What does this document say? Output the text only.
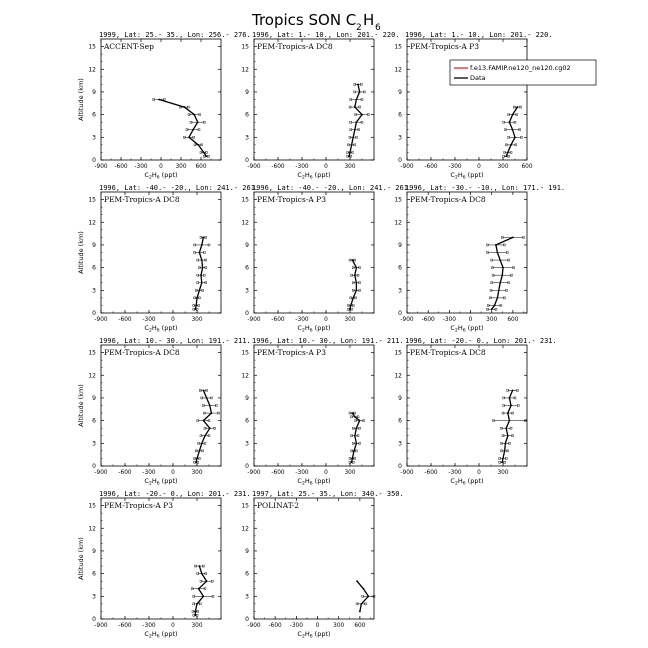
Tropics SON C 2 H 6
1999, Lat: 25.- 35., Lon: 256.- 276.
ACCENT-Sep
-900 -600 -300 0 300 600
0
3
6
9
12
15
$C_2H_6$ (ppt)
Altitude (km)
1996, Lat: 1.- 10., Lon: 201.- 220.
PEM-Tropics-A DC8
-900 -600 -300	0	300
0
3
6
9
12
15
$C_2H_6$ (ppt)
1996, Lat: 1.- 10., Lon: 201.- 220.
PEM-Tropics-A P3
-900 -600 -300	0	300 600
0
3
6
9
12
15
$C_2H_6$ (ppt)
f.e13.FAMIP.ne120_ne120.cg02
Data
1996, Lat: -40.- -20., Lon: 241.- 261.
PEM-Tropics-A DC8
-900 -600 -300	0	300
0
3
6
9
12
15
$C_2H_6$ (ppt)
Altitude (km)
1996, Lat: -40.- -20., Lon: 241.- 261.
PEM-Tropics-A P3
-900 -600 -300	0	300
0
3
6
9
12
15
$C_2H_6$ (ppt)
1996, Lat: -30.- -10., Lon: 171.- 191.
PEM-Tropics-A DC8
-900 -600 -300 0 300 600
0
3
6
9
12
15
$C_2H_6$ (ppt)
1996, Lat: 10.- 30., Lon: 191.- 211.
PEM-Tropics-A DC8
-900 -600 -300	0	300
0
3
6
9
12
15
$C_2H_6$ (ppt)
Altitude (km)
1996, Lat: 10.- 30., Lon: 191.- 211.
PEM-Tropics-A P3
-900 -600 -300	0	300
0
3
6
9
12
15
$C_2H_6$ (ppt)
1996, Lat: -20.- 0., Lon: 201.- 231.
PEM-Tropics-A DC8
-900 -600 -300	0	300
0
3
6
9
12
15
$C_2H_6$ (ppt)
1996, Lat: -20.- 0., Lon: 201.- 231.
PEM-Tropics-A P3
-900 -600 -300	0	300
0
3
6
9
12
15
$C_2H_6$ (ppt)
Altitude (km)
1997, Lat: 25.- 35., Lon: 340.- 350.
POLINAT-2
-900 -600 -300 0 300 600
0
3
6
9
12
15
$C_2H_6$ (ppt)
